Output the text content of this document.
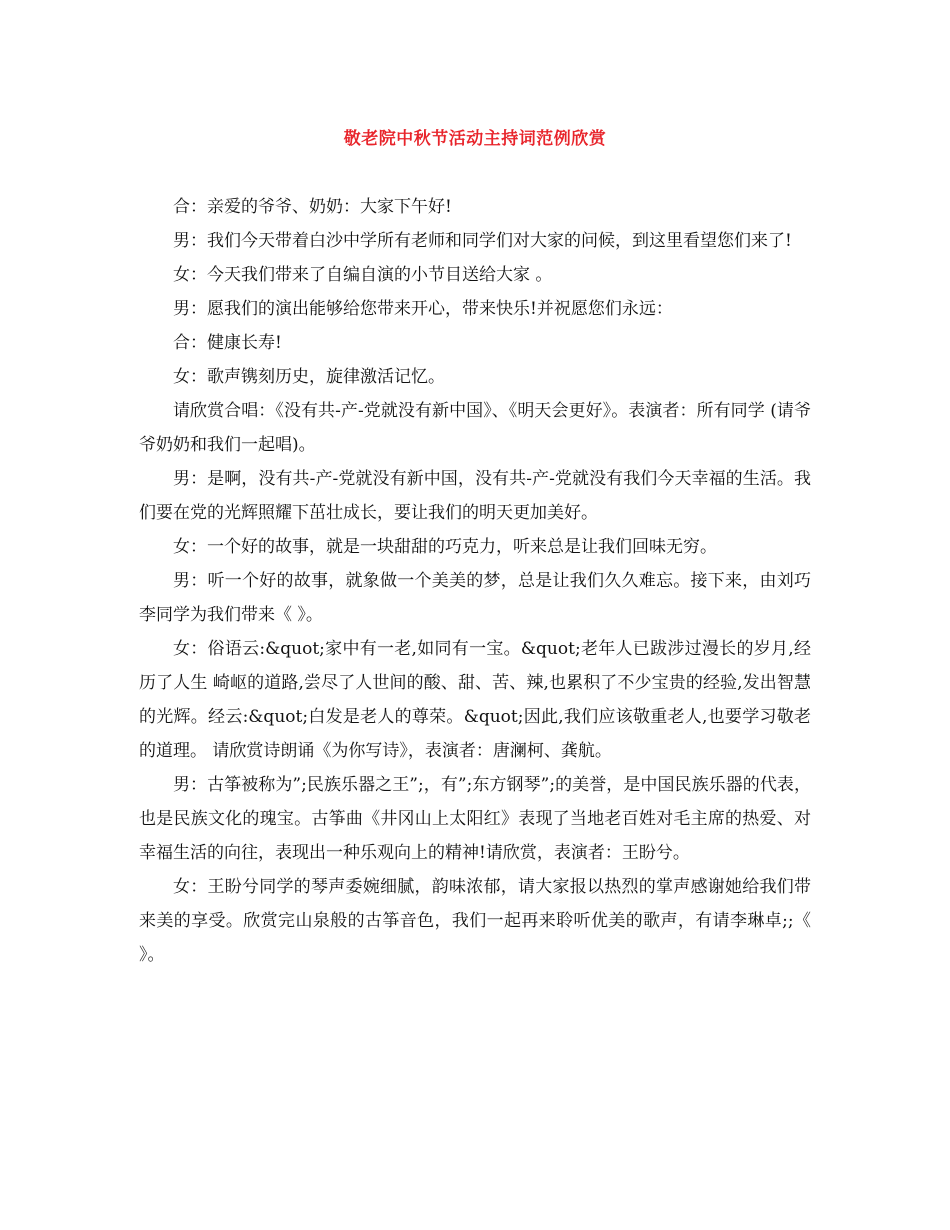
敬老院中秋节活动主持词范例欣赏

合：亲爱的爷爷、奶奶：大家下午好!

男：我们今天带着白沙中学所有老师和同学们对大家的问候，到这里看望您们来了!

女：今天我们带来了自编自演的小节目送给大家 。

男：愿我们的演出能够给您带来开心，带来快乐!并祝愿您们永远：

合：健康长寿!

女：歌声镌刻历史，旋律激活记忆。

请欣赏合唱：《没有共-产-党就没有新中国》、《明天会更好》。表演者：所有同学 (请爷爷奶奶和我们一起唱)。

男：是啊，没有共-产-党就没有新中国，没有共-产-党就没有我们今天幸福的生活。我们要在党的光辉照耀下茁壮成长，要让我们的明天更加美好。

女：一个好的故事，就是一块甜甜的巧克力，听来总是让我们回味无穷。

男：听一个好的故事，就象做一个美美的梦，总是让我们久久难忘。接下来，由刘巧李同学为我们带来《 》。

女：俗语云:&quot;家中有一老,如同有一宝。&quot;老年人已跋涉过漫长的岁月,经历了人生 崎岖的道路,尝尽了人世间的酸、甜、苦、辣,也累积了不少宝贵的经验,发出智慧的光辉。经云:&quot;白发是老人的尊荣。&quot;因此,我们应该敬重老人,也要学习敬老的道理。 请欣赏诗朗诵《为你写诗》，表演者：唐澜柯、龚航。

男：古筝被称为”;民族乐器之王”;，有”;东方钢琴”;的美誉，是中国民族乐器的代表，也是民族文化的瑰宝。古筝曲《井冈山上太阳红》表现了当地老百姓对毛主席的热爱、对幸福生活的向往，表现出一种乐观向上的精神!请欣赏，表演者：王盼兮。

女：王盼兮同学的琴声委婉细腻，韵味浓郁，请大家报以热烈的掌声感谢她给我们带来美的享受。欣赏完山泉般的古筝音色，我们一起再来聆听优美的歌声，有请李琳卓;;《 》。
